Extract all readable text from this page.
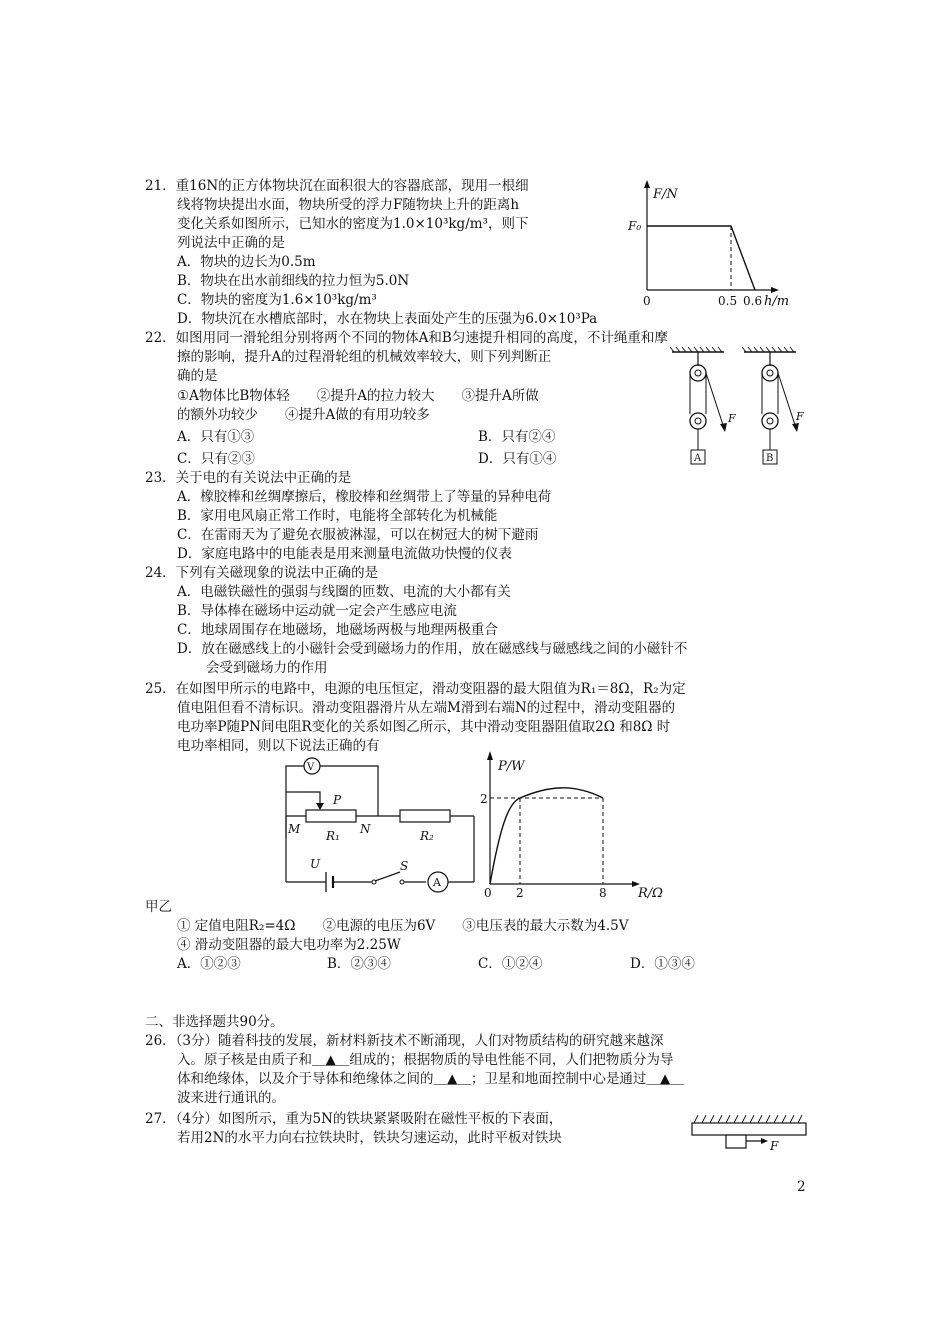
21．重16N的正方体物块沉在面积很大的容器底部，现用一根细
线将物块提出水面，物块所受的浮力F随物块上升的距离h
变化关系如图所示，已知水的密度为1.0×10³kg/m³，则下
列说法中正确的是
A．物块的边长为0.5m
B．物块在出水前细线的拉力恒为5.0N
C．物块的密度为1.6×10³kg/m³
D．物块沉在水槽底部时，水在物块上表面处产生的压强为6.0×10³Pa
F/N
F₀
0	0.5 0.6 h/m
22．如图用同一滑轮组分别将两个不同的物体A和B匀速提升相同的高度，不计绳重和摩
擦的影响，提升A的过程滑轮组的机械效率较大，则下列判断正
确的是
①A物体比B物体轻　　②提升A的拉力较大　　③提升A所做
的额外功较少　　④提升A做的有用功较多
A．只有①③	B．只有②④
C．只有②③	D．只有①④
F
A
F
B
23．关于电的有关说法中正确的是
A．橡胶棒和丝绸摩擦后，橡胶棒和丝绸带上了等量的异种电荷
B．家用电风扇正常工作时，电能将全部转化为机械能
C．在雷雨天为了避免衣服被淋湿，可以在树冠大的树下避雨
D．家庭电路中的电能表是用来测量电流做功快慢的仪表
24．下列有关磁现象的说法中正确的是
A．电磁铁磁性的强弱与线圈的匝数、电流的大小都有关
B．导体棒在磁场中运动就一定会产生感应电流
C．地球周围存在地磁场，地磁场两极与地理两极重合
D．放在磁感线上的小磁针会受到磁场力的作用，放在磁感线与磁感线之间的小磁针不
会受到磁场力的作用
25．在如图甲所示的电路中，电源的电压恒定，滑动变阻器的最大阻值为R₁＝8Ω，R₂为定
值电阻但看不清标识。滑动变阻器滑片从左端M滑到右端N的过程中，滑动变阻器的
电功率P随PN间电阻R变化的关系如图乙所示，其中滑动变阻器阻值取2Ω 和8Ω 时
电功率相同，则以下说法正确的有
V
P
M	N
R₁	R₂
A
U	S
P/W
2
0 2	8 R/Ω
甲乙
① 定值电阻R₂=4Ω　　②电源的电压为6V　　③电压表的最大示数为4.5V
④ 滑动变阻器的最大电功率为2.25W
A．①②③	B．②③④	C．①②④	D．①③④
二、非选择题共90分。
26．（3分）随着科技的发展，新材料新技术不断涌现，人们对物质结构的研究越来越深
入。原子核是由质子和＿▲＿组成的；根据物质的导电性能不同，人们把物质分为导
体和绝缘体，以及介于导体和绝缘体之间的＿▲＿；卫星和地面控制中心是通过＿▲＿
波来进行通讯的。
27．（4分）如图所示，重为5N的铁块紧紧吸附在磁性平板的下表面，
若用2N的水平力向右拉铁块时，铁块匀速运动，此时平板对铁块	F
2
